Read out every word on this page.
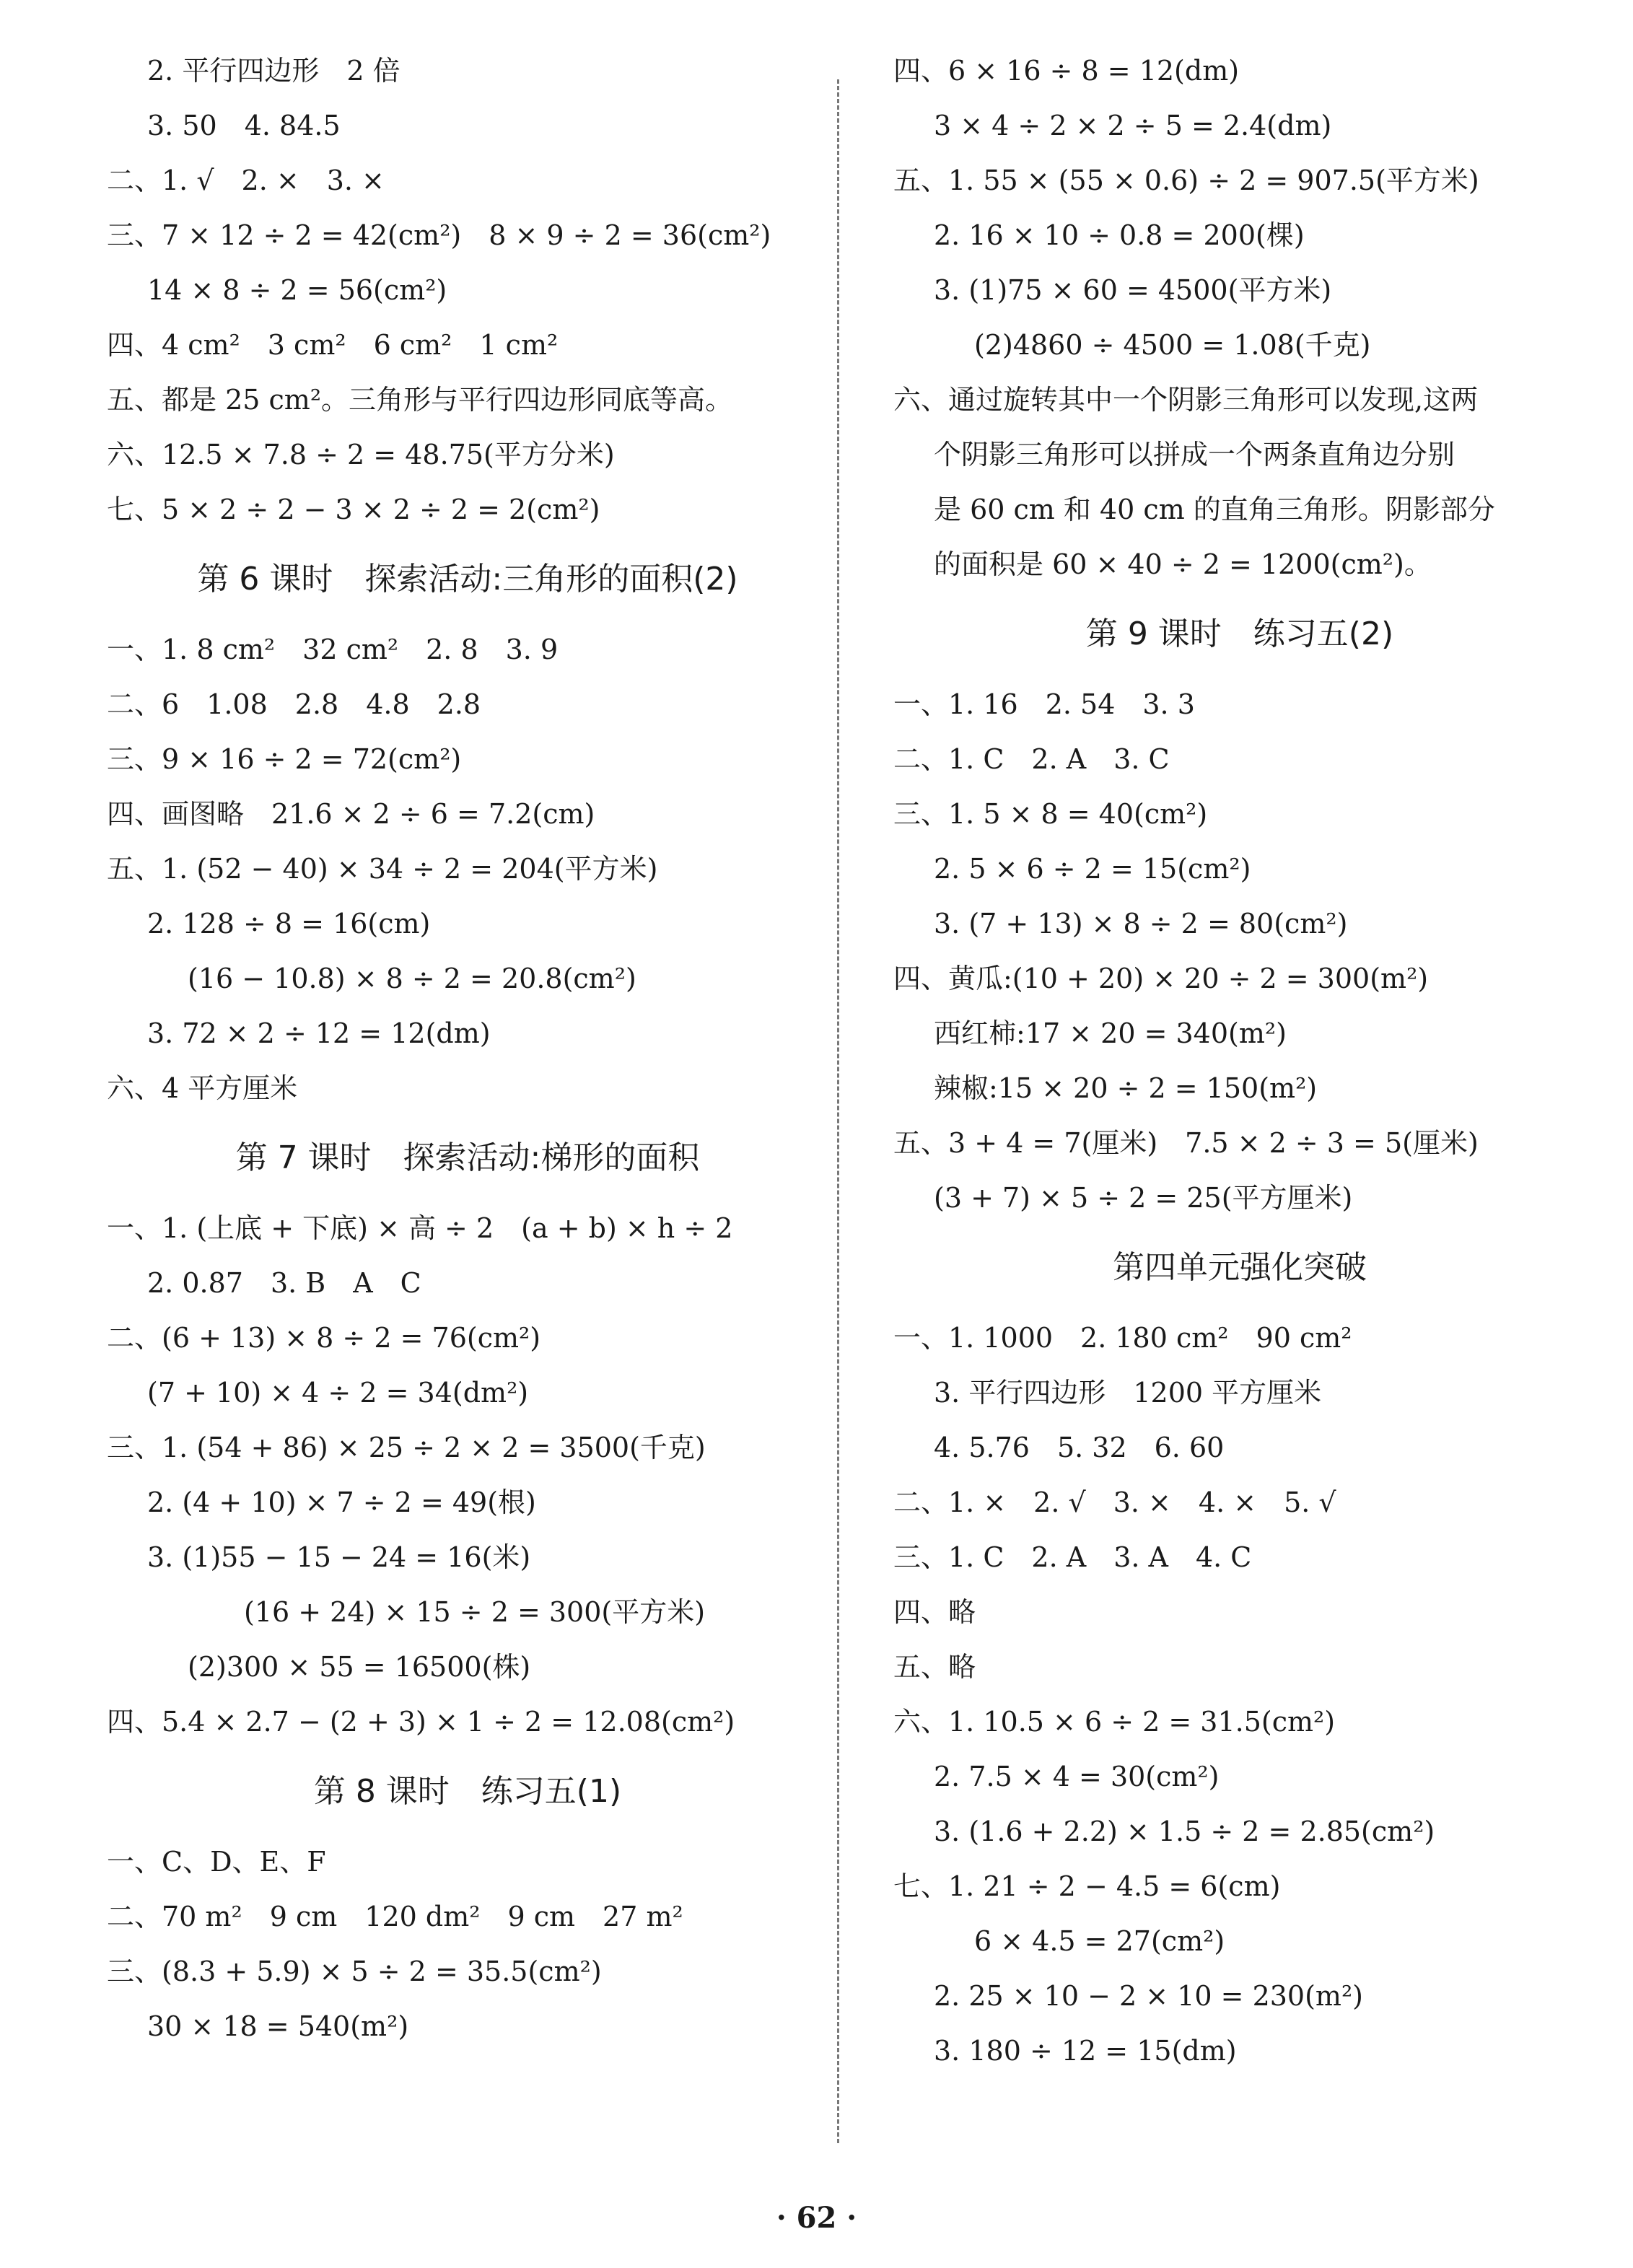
2. 平行四边形　2 倍
3. 50　4. 84.5
二、1. √　2. ×　3. ×
三、7 × 12 ÷ 2 = 42(cm²)　8 × 9 ÷ 2 = 36(cm²)
14 × 8 ÷ 2 = 56(cm²)
四、4 cm²　3 cm²　6 cm²　1 cm²
五、都是 25 cm²。三角形与平行四边形同底等高。
六、12.5 × 7.8 ÷ 2 = 48.75(平方分米)
七、5 × 2 ÷ 2 − 3 × 2 ÷ 2 = 2(cm²)
第 6 课时　探索活动:三角形的面积(2)
一、1. 8 cm²　32 cm²　2. 8　3. 9
二、6　1.08　2.8　4.8　2.8
三、9 × 16 ÷ 2 = 72(cm²)
四、画图略　21.6 × 2 ÷ 6 = 7.2(cm)
五、1. (52 − 40) × 34 ÷ 2 = 204(平方米)
2. 128 ÷ 8 = 16(cm)
(16 − 10.8) × 8 ÷ 2 = 20.8(cm²)
3. 72 × 2 ÷ 12 = 12(dm)
六、4 平方厘米
第 7 课时　探索活动:梯形的面积
一、1. (上底 + 下底) × 高 ÷ 2　(a + b) × h ÷ 2
2. 0.87　3. B　A　C
二、(6 + 13) × 8 ÷ 2 = 76(cm²)
(7 + 10) × 4 ÷ 2 = 34(dm²)
三、1. (54 + 86) × 25 ÷ 2 × 2 = 3500(千克)
2. (4 + 10) × 7 ÷ 2 = 49(根)
3. (1)55 − 15 − 24 = 16(米)
(16 + 24) × 15 ÷ 2 = 300(平方米)
(2)300 × 55 = 16500(株)
四、5.4 × 2.7 − (2 + 3) × 1 ÷ 2 = 12.08(cm²)
第 8 课时　练习五(1)
一、C、D、E、F
二、70 m²　9 cm　120 dm²　9 cm　27 m²
三、(8.3 + 5.9) × 5 ÷ 2 = 35.5(cm²)
30 × 18 = 540(m²)
四、6 × 16 ÷ 8 = 12(dm)
3 × 4 ÷ 2 × 2 ÷ 5 = 2.4(dm)
五、1. 55 × (55 × 0.6) ÷ 2 = 907.5(平方米)
2. 16 × 10 ÷ 0.8 = 200(棵)
3. (1)75 × 60 = 4500(平方米)
(2)4860 ÷ 4500 = 1.08(千克)
六、通过旋转其中一个阴影三角形可以发现,这两
个阴影三角形可以拼成一个两条直角边分别
是 60 cm 和 40 cm 的直角三角形。阴影部分
的面积是 60 × 40 ÷ 2 = 1200(cm²)。
第 9 课时　练习五(2)
一、1. 16　2. 54　3. 3
二、1. C　2. A　3. C
三、1. 5 × 8 = 40(cm²)
2. 5 × 6 ÷ 2 = 15(cm²)
3. (7 + 13) × 8 ÷ 2 = 80(cm²)
四、黄瓜:(10 + 20) × 20 ÷ 2 = 300(m²)
西红柿:17 × 20 = 340(m²)
辣椒:15 × 20 ÷ 2 = 150(m²)
五、3 + 4 = 7(厘米)　7.5 × 2 ÷ 3 = 5(厘米)
(3 + 7) × 5 ÷ 2 = 25(平方厘米)
第四单元强化突破
一、1. 1000　2. 180 cm²　90 cm²
3. 平行四边形　1200 平方厘米
4. 5.76　5. 32　6. 60
二、1. ×　2. √　3. ×　4. ×　5. √
三、1. C　2. A　3. A　4. C
四、略
五、略
六、1. 10.5 × 6 ÷ 2 = 31.5(cm²)
2. 7.5 × 4 = 30(cm²)
3. (1.6 + 2.2) × 1.5 ÷ 2 = 2.85(cm²)
七、1. 21 ÷ 2 − 4.5 = 6(cm)
6 × 4.5 = 27(cm²)
2. 25 × 10 − 2 × 10 = 230(m²)
3. 180 ÷ 12 = 15(dm)
· 62 ·
